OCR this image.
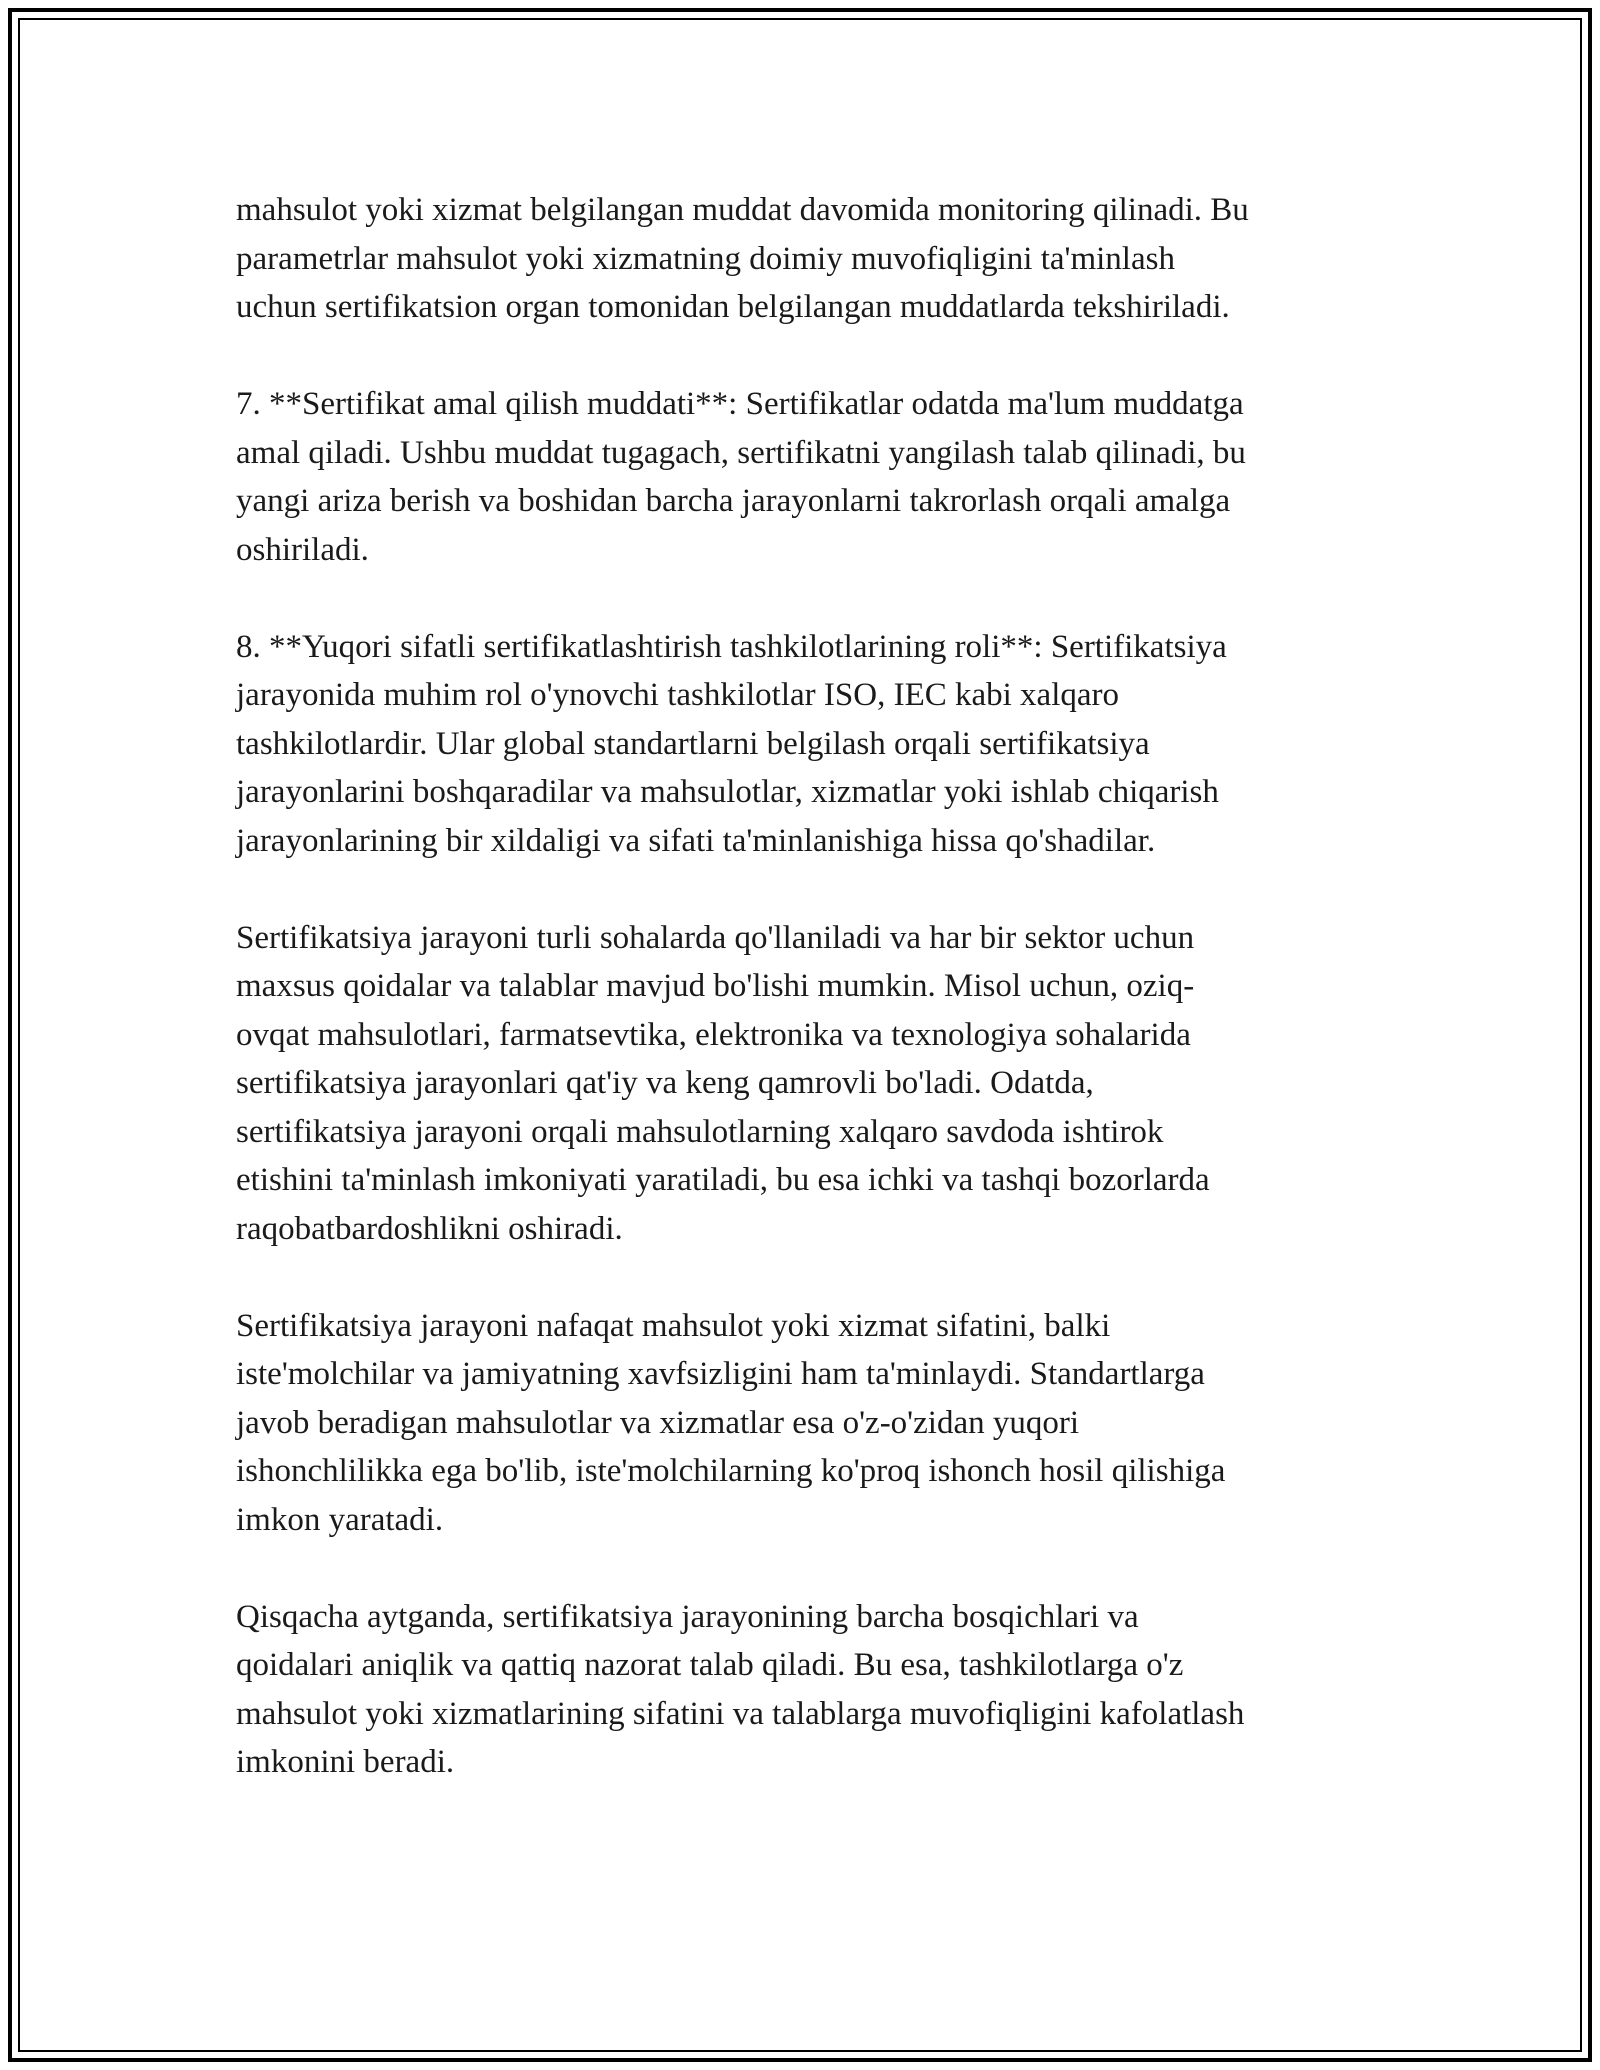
mahsulot yoki xizmat belgilangan muddat davomida monitoring qilinadi. Bu
parametrlar mahsulot yoki xizmatning doimiy muvofiqligini ta'minlash
uchun sertifikatsion organ tomonidan belgilangan muddatlarda tekshiriladi.

7. **Sertifikat amal qilish muddati**: Sertifikatlar odatda ma'lum muddatga
amal qiladi. Ushbu muddat tugagach, sertifikatni yangilash talab qilinadi, bu
yangi ariza berish va boshidan barcha jarayonlarni takrorlash orqali amalga
oshiriladi.

8. **Yuqori sifatli sertifikatlashtirish tashkilotlarining roli**: Sertifikatsiya
jarayonida muhim rol o'ynovchi tashkilotlar ISO, IEC kabi xalqaro
tashkilotlardir. Ular global standartlarni belgilash orqali sertifikatsiya
jarayonlarini boshqaradilar va mahsulotlar, xizmatlar yoki ishlab chiqarish
jarayonlarining bir xildaligi va sifati ta'minlanishiga hissa qo'shadilar.

Sertifikatsiya jarayoni turli sohalarda qo'llaniladi va har bir sektor uchun
maxsus qoidalar va talablar mavjud bo'lishi mumkin. Misol uchun, oziq-
ovqat mahsulotlari, farmatsevtika, elektronika va texnologiya sohalarida
sertifikatsiya jarayonlari qat'iy va keng qamrovli bo'ladi. Odatda,
sertifikatsiya jarayoni orqali mahsulotlarning xalqaro savdoda ishtirok
etishini ta'minlash imkoniyati yaratiladi, bu esa ichki va tashqi bozorlarda
raqobatbardoshlikni oshiradi.

Sertifikatsiya jarayoni nafaqat mahsulot yoki xizmat sifatini, balki
iste'molchilar va jamiyatning xavfsizligini ham ta'minlaydi. Standartlarga
javob beradigan mahsulotlar va xizmatlar esa o'z-o'zidan yuqori
ishonchlilikka ega bo'lib, iste'molchilarning ko'proq ishonch hosil qilishiga
imkon yaratadi.

Qisqacha aytganda, sertifikatsiya jarayonining barcha bosqichlari va
qoidalari aniqlik va qattiq nazorat talab qiladi. Bu esa, tashkilotlarga o'z
mahsulot yoki xizmatlarining sifatini va talablarga muvofiqligini kafolatlash
imkonini beradi.
